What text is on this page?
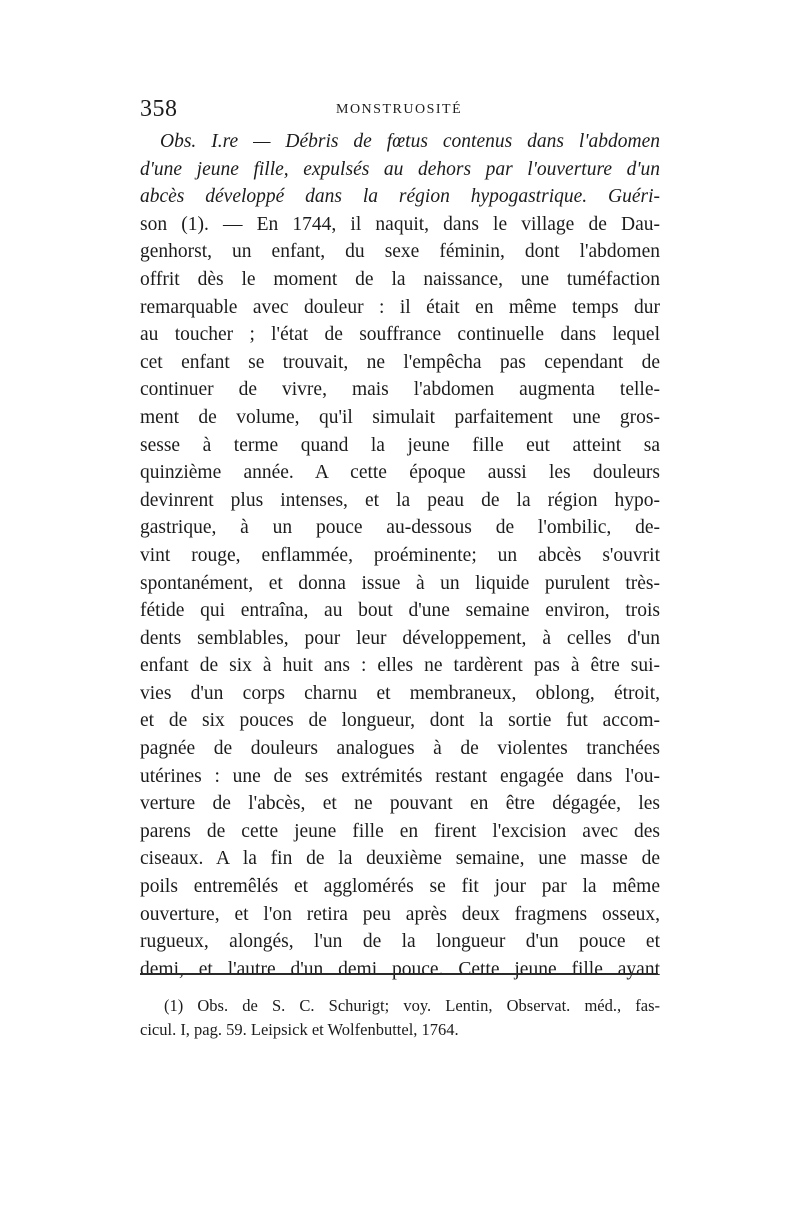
358	MONSTRUOSITÉ
Obs. I.re — Débris de fœtus contenus dans l'abdomen
d'une jeune fille, expulsés au dehors par l'ouverture d'un
abcès développé dans la région hypogastrique. Guéri-
son (1). — En 1744, il naquit, dans le village de Dau-
genhorst, un enfant, du sexe féminin, dont l'abdomen
offrit dès le moment de la naissance, une tuméfaction
remarquable avec douleur : il était en même temps dur
au toucher ; l'état de souffrance continuelle dans lequel
cet enfant se trouvait, ne l'empêcha pas cependant de
continuer de vivre, mais l'abdomen augmenta telle-
ment de volume, qu'il simulait parfaitement une gros-
sesse à terme quand la jeune fille eut atteint sa
quinzième année. A cette époque aussi les douleurs
devinrent plus intenses, et la peau de la région hypo-
gastrique, à un pouce au-dessous de l'ombilic, de-
vint rouge, enflammée, proéminente; un abcès s'ouvrit
spontanément, et donna issue à un liquide purulent très-
fétide qui entraîna, au bout d'une semaine environ, trois
dents semblables, pour leur développement, à celles d'un
enfant de six à huit ans : elles ne tardèrent pas à être sui-
vies d'un corps charnu et membraneux, oblong, étroit,
et de six pouces de longueur, dont la sortie fut accom-
pagnée de douleurs analogues à de violentes tranchées
utérines : une de ses extrémités restant engagée dans l'ou-
verture de l'abcès, et ne pouvant en être dégagée, les
parens de cette jeune fille en firent l'excision avec des
ciseaux. A la fin de la deuxième semaine, une masse de
poils entremêlés et agglomérés se fit jour par la même
ouverture, et l'on retira peu après deux fragmens osseux,
rugueux, alongés, l'un de la longueur d'un pouce et
demi, et l'autre d'un demi pouce. Cette jeune fille ayant
(1) Obs. de S. C. Schurigt; voy. Lentin, Observat. méd., fas-
cicul. I, pag. 59. Leipsick et Wolfenbuttel, 1764.
